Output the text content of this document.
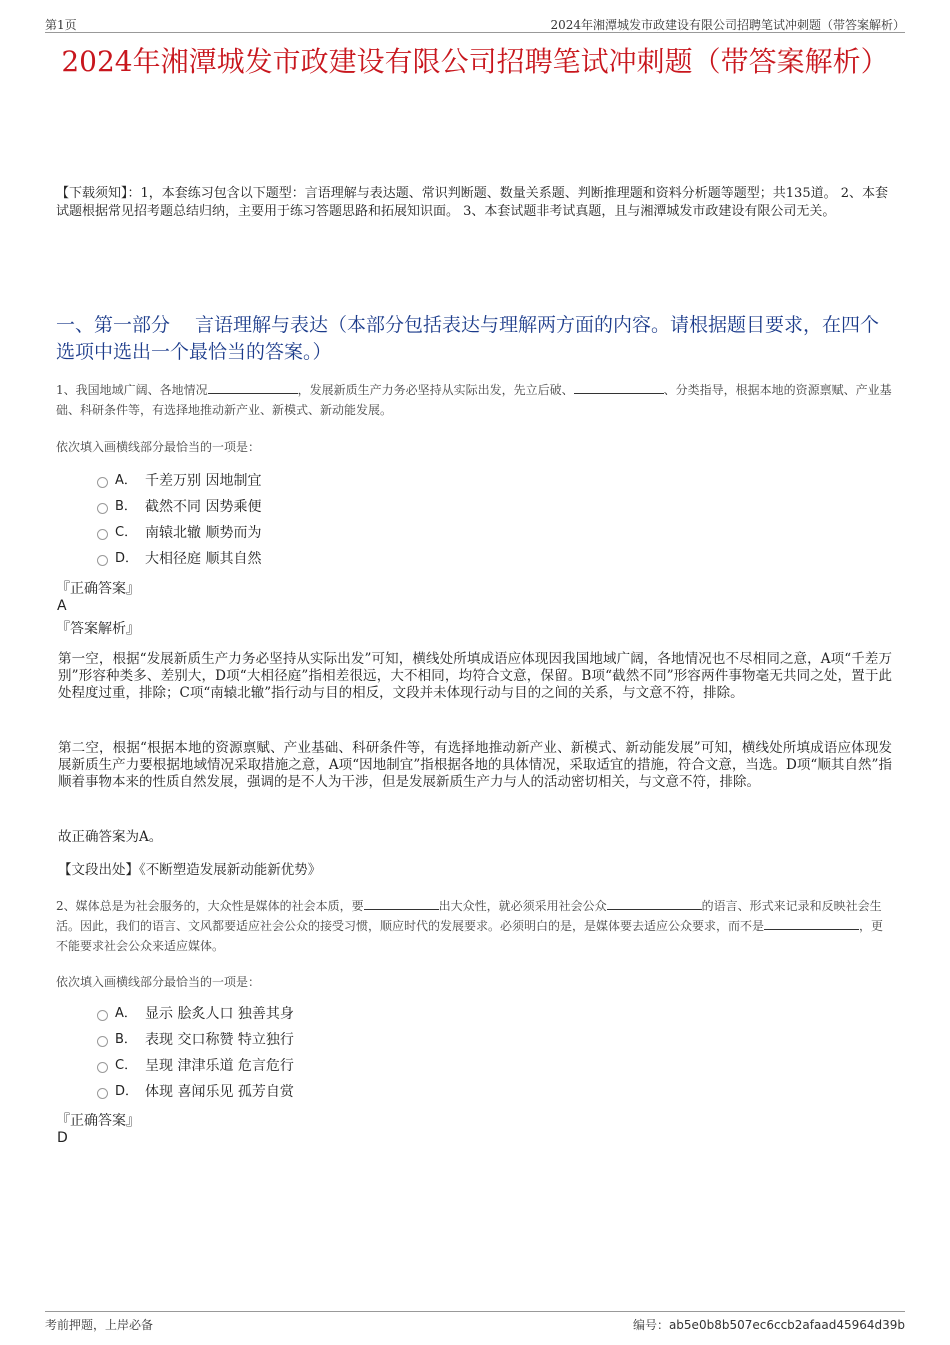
第1页	2024年湘潭城发市政建设有限公司招聘笔试冲刺题（带答案解析）
2024年湘潭城发市政建设有限公司招聘笔试冲刺题（带答案解析）
【下载须知】：1，本套练习包含以下题型：言语理解与表达题、常识判断题、数量关系题、判断推理题和资料分析题等题型；共135道。 2、本套试题根据常见招考题总结归纳，主要用于练习答题思路和拓展知识面。 3、本套试题非考试真题，且与湘潭城发市政建设有限公司无关。
一、第一部分　 言语理解与表达（本部分包括表达与理解两方面的内容。请根据题目要求，在四个选项中选出一个最恰当的答案。）
1、我国地域广阔、各地情况	，发展新质生产力务必坚持从实际出发，先立后破、	、分类指导，根据本地的资源禀赋、产业基础、科研条件等，有选择地推动新产业、新模式、新动能发展。
依次填入画横线部分最恰当的一项是：
A． 千差万别 因地制宜
B． 截然不同 因势乘便
C． 南辕北辙 顺势而为
D． 大相径庭 顺其自然
『正确答案』
A
『答案解析』
第一空，根据“发展新质生产力务必坚持从实际出发”可知，横线处所填成语应体现因我国地域广阔，各地情况也不尽相同之意，A项“千差万别”形容种类多、差别大，D项“大相径庭”指相差很远，大不相同，均符合文意，保留。B项“截然不同”形容两件事物毫无共同之处，置于此处程度过重，排除；C项“南辕北辙”指行动与目的相反，文段并未体现行动与目的之间的关系，与文意不符，排除。
第二空，根据“根据本地的资源禀赋、产业基础、科研条件等，有选择地推动新产业、新模式、新动能发展”可知，横线处所填成语应体现发展新质生产力要根据地域情况采取措施之意，A项“因地制宜”指根据各地的具体情况，采取适宜的措施，符合文意，当选。D项“顺其自然”指顺着事物本来的性质自然发展，强调的是不人为干涉，但是发展新质生产力与人的活动密切相关，与文意不符，排除。
故正确答案为A。
【文段出处】《不断塑造发展新动能新优势》
2、媒体总是为社会服务的，大众性是媒体的社会本质，要	出大众性，就必须采用社会公众	的语言、形式来记录和反映社会生活。因此，我们的语言、文风都要适应社会公众的接受习惯，顺应时代的发展要求。必须明白的是，是媒体要去适应公众要求，而不是	，更不能要求社会公众来适应媒体。
依次填入画横线部分最恰当的一项是：
A． 显示 脍炙人口 独善其身
B． 表现 交口称赞 特立独行
C． 呈现 津津乐道 危言危行
D． 体现 喜闻乐见 孤芳自赏
『正确答案』
D
考前押题，上岸必备	编号：ab5e0b8b507ec6ccb2afaad45964d39b
